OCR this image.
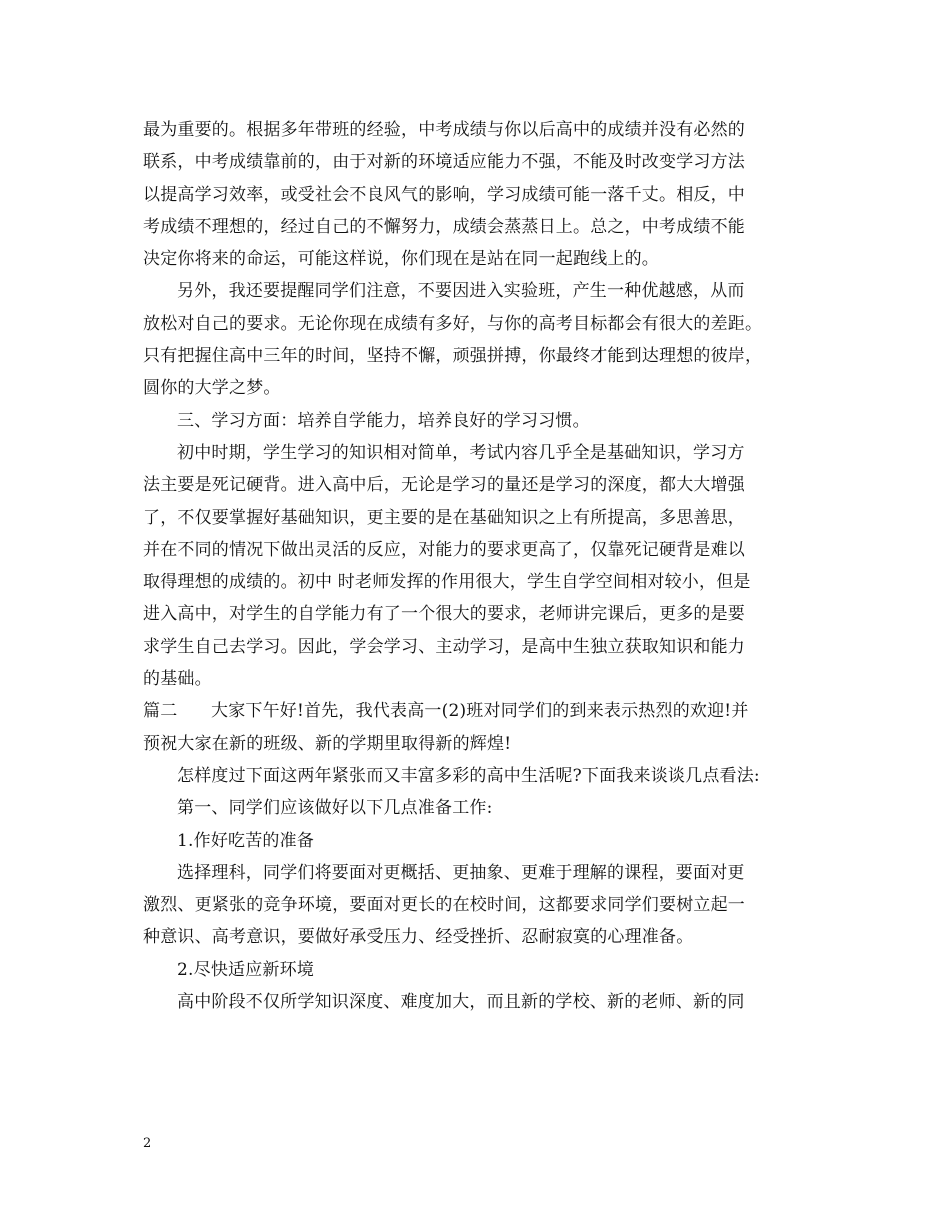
最为重要的。根据多年带班的经验，中考成绩与你以后高中的成绩并没有必然的
联系，中考成绩靠前的，由于对新的环境适应能力不强，不能及时改变学习方法
以提高学习效率，或受社会不良风气的影响，学习成绩可能一落千丈。相反，中
考成绩不理想的，经过自己的不懈努力，成绩会蒸蒸日上。总之，中考成绩不能
决定你将来的命运，可能这样说，你们现在是站在同一起跑线上的。
另外，我还要提醒同学们注意，不要因进入实验班，产生一种优越感，从而
放松对自己的要求。无论你现在成绩有多好，与你的高考目标都会有很大的差距。
只有把握住高中三年的时间，坚持不懈，顽强拼搏，你最终才能到达理想的彼岸，
圆你的大学之梦。
三、学习方面：培养自学能力，培养良好的学习习惯。
初中时期，学生学习的知识相对简单，考试内容几乎全是基础知识，学习方
法主要是死记硬背。进入高中后，无论是学习的量还是学习的深度，都大大增强
了，不仅要掌握好基础知识，更主要的是在基础知识之上有所提高，多思善思，
并在不同的情况下做出灵活的反应，对能力的要求更高了，仅靠死记硬背是难以
取得理想的成绩的。初中 时老师发挥的作用很大，学生自学空间相对较小，但是
进入高中，对学生的自学能力有了一个很大的要求，老师讲完课后，更多的是要
求学生自己去学习。因此，学会学习、主动学习，是高中生独立获取知识和能力
的基础。
篇二 大家下午好!首先，我代表高一(2)班对同学们的到来表示热烈的欢迎!并
预祝大家在新的班级、新的学期里取得新的辉煌!
怎样度过下面这两年紧张而又丰富多彩的高中生活呢?下面我来谈谈几点看法:
第一、同学们应该做好以下几点准备工作:
1.作好吃苦的准备
选择理科，同学们将要面对更概括、更抽象、更难于理解的课程，要面对更
激烈、更紧张的竞争环境，要面对更长的在校时间，这都要求同学们要树立起一
种意识、高考意识，要做好承受压力、经受挫折、忍耐寂寞的心理准备。
2.尽快适应新环境
高中阶段不仅所学知识深度、难度加大，而且新的学校、新的老师、新的同
2
